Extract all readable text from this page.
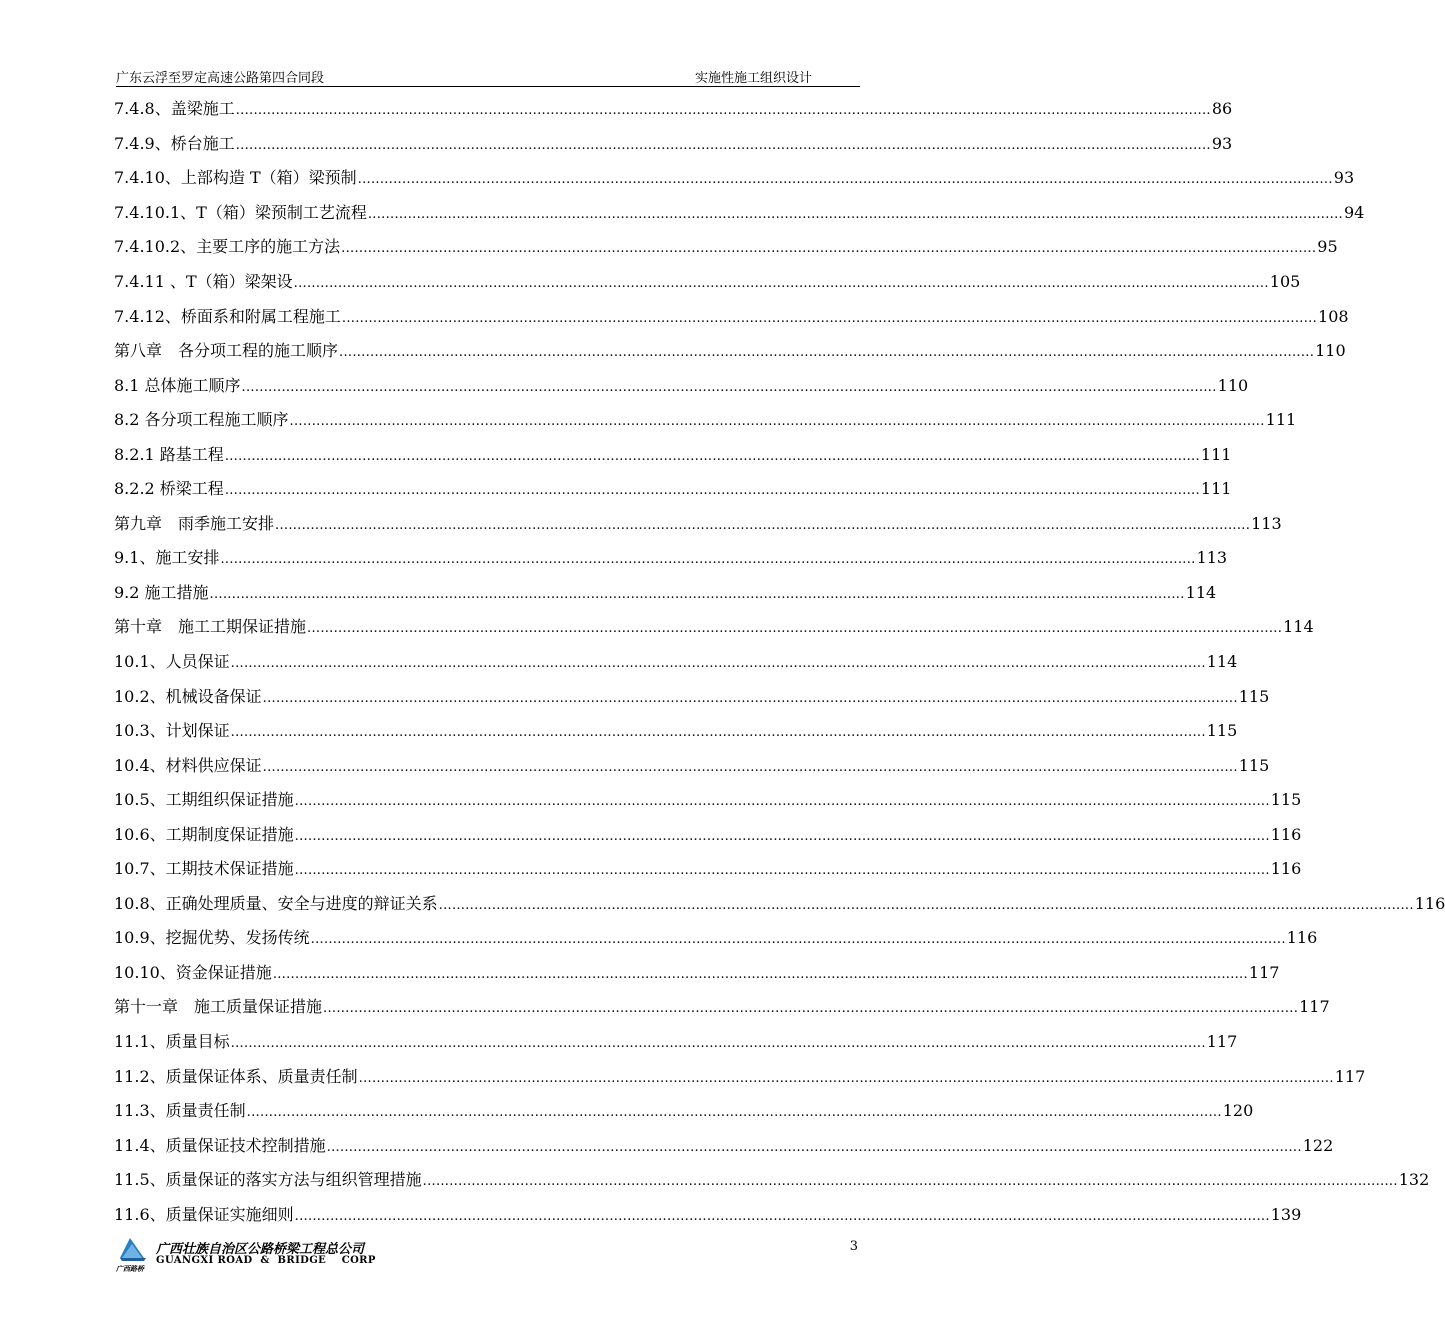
广东云浮至罗定高速公路第四合同段	实施性施工组织设计
7.4.8、盖梁施工 ............................................................................................................................................................................................................................ 86
7.4.9、桥台施工 ............................................................................................................................................................................................................................ 93
7.4.10、上部构造 T（箱）梁预制 ............................................................................................................................................................................................................................ 93
7.4.10.1、T（箱）梁预制工艺流程 ............................................................................................................................................................................................................................ 94
7.4.10.2、主要工序的施工方法 ............................................................................................................................................................................................................................ 95
7.4.11 、T（箱）梁架设 ............................................................................................................................................................................................................................ 105
7.4.12、桥面系和附属工程施工 ............................................................................................................................................................................................................................ 108
第八章　各分项工程的施工顺序 ............................................................................................................................................................................................................................ 110
8.1 总体施工顺序 ............................................................................................................................................................................................................................ 110
8.2 各分项工程施工顺序 ............................................................................................................................................................................................................................ 111
8.2.1 路基工程 ............................................................................................................................................................................................................................ 111
8.2.2 桥梁工程 ............................................................................................................................................................................................................................ 111
第九章　雨季施工安排 ............................................................................................................................................................................................................................ 113
9.1、施工安排 ............................................................................................................................................................................................................................ 113
9.2 施工措施 ............................................................................................................................................................................................................................ 114
第十章　施工工期保证措施 ............................................................................................................................................................................................................................ 114
10.1、人员保证 ............................................................................................................................................................................................................................ 114
10.2、机械设备保证 ............................................................................................................................................................................................................................ 115
10.3、计划保证 ............................................................................................................................................................................................................................ 115
10.4、材料供应保证 ............................................................................................................................................................................................................................ 115
10.5、工期组织保证措施 ............................................................................................................................................................................................................................ 115
10.6、工期制度保证措施 ............................................................................................................................................................................................................................ 116
10.7、工期技术保证措施 ............................................................................................................................................................................................................................ 116
10.8、正确处理质量、安全与进度的辩证关系 ............................................................................................................................................................................................................................ 116
10.9、挖掘优势、发扬传统 ............................................................................................................................................................................................................................ 116
10.10、资金保证措施 ............................................................................................................................................................................................................................ 117
第十一章　施工质量保证措施 ............................................................................................................................................................................................................................ 117
11.1、质量目标 ............................................................................................................................................................................................................................ 117
11.2、质量保证体系、质量责任制 ............................................................................................................................................................................................................................ 117
11.3、质量责任制 ............................................................................................................................................................................................................................ 120
11.4、质量保证技术控制措施 ............................................................................................................................................................................................................................ 122
11.5、质量保证的落实方法与组织管理措施 ............................................................................................................................................................................................................................ 132
11.6、质量保证实施细则 ............................................................................................................................................................................................................................ 139
广西路桥
广西壮族自治区公路桥梁工程总公司
GUANGXI ROAD  &  BRIDGE    CORP
3
